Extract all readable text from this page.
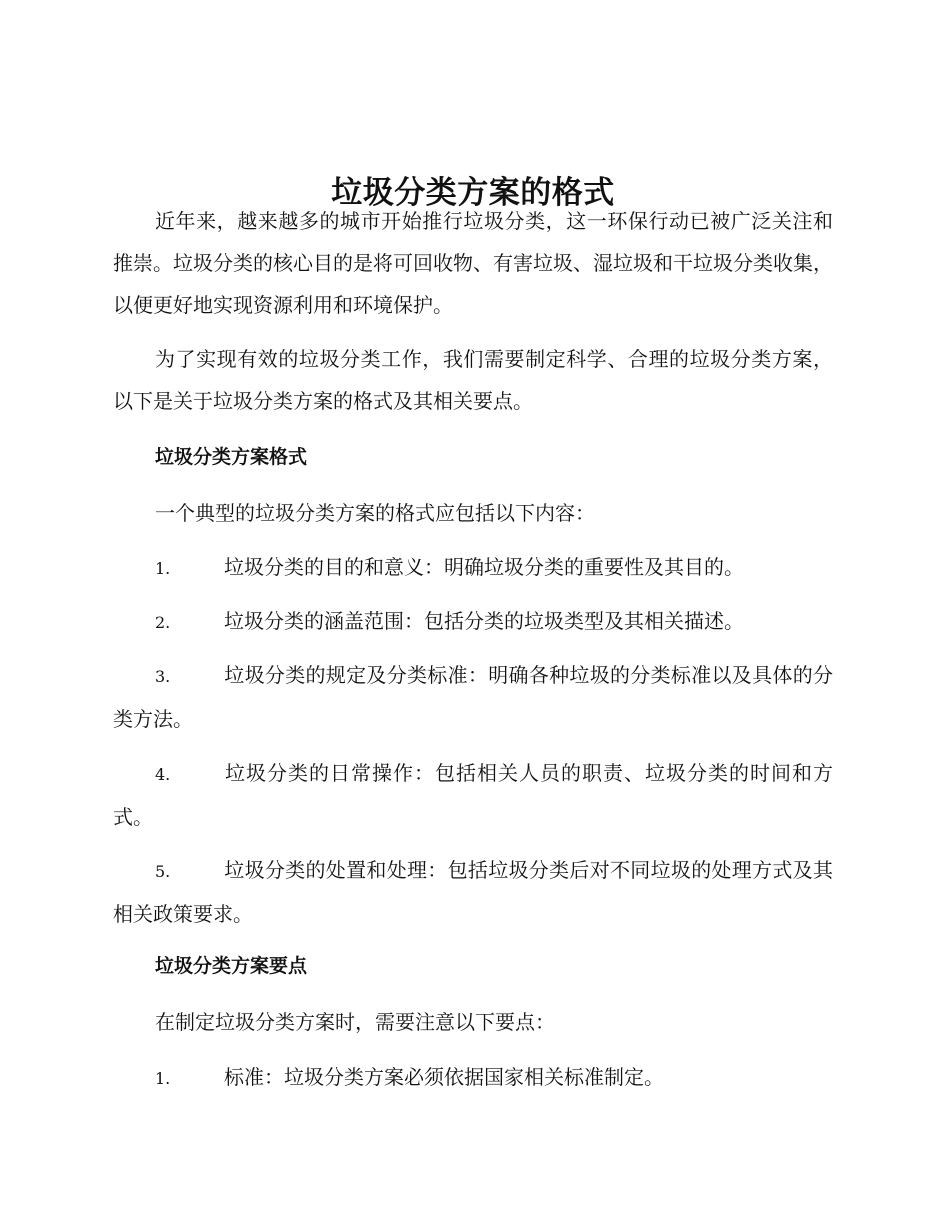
垃圾分类方案的格式

近年来，越来越多的城市开始推行垃圾分类，这一环保行动已被广泛关注和推崇。垃圾分类的核心目的是将可回收物、有害垃圾、湿垃圾和干垃圾分类收集，以便更好地实现资源利用和环境保护。

为了实现有效的垃圾分类工作，我们需要制定科学、合理的垃圾分类方案，以下是关于垃圾分类方案的格式及其相关要点。

垃圾分类方案格式

一个典型的垃圾分类方案的格式应包括以下内容：

1.	垃圾分类的目的和意义：明确垃圾分类的重要性及其目的。

2.	垃圾分类的涵盖范围：包括分类的垃圾类型及其相关描述。

3.	垃圾分类的规定及分类标准：明确各种垃圾的分类标准以及具体的分类方法。

4.	垃圾分类的日常操作：包括相关人员的职责、垃圾分类的时间和方式。

5.	垃圾分类的处置和处理：包括垃圾分类后对不同垃圾的处理方式及其相关政策要求。

垃圾分类方案要点

在制定垃圾分类方案时，需要注意以下要点：

1.	标准：垃圾分类方案必须依据国家相关标准制定。
